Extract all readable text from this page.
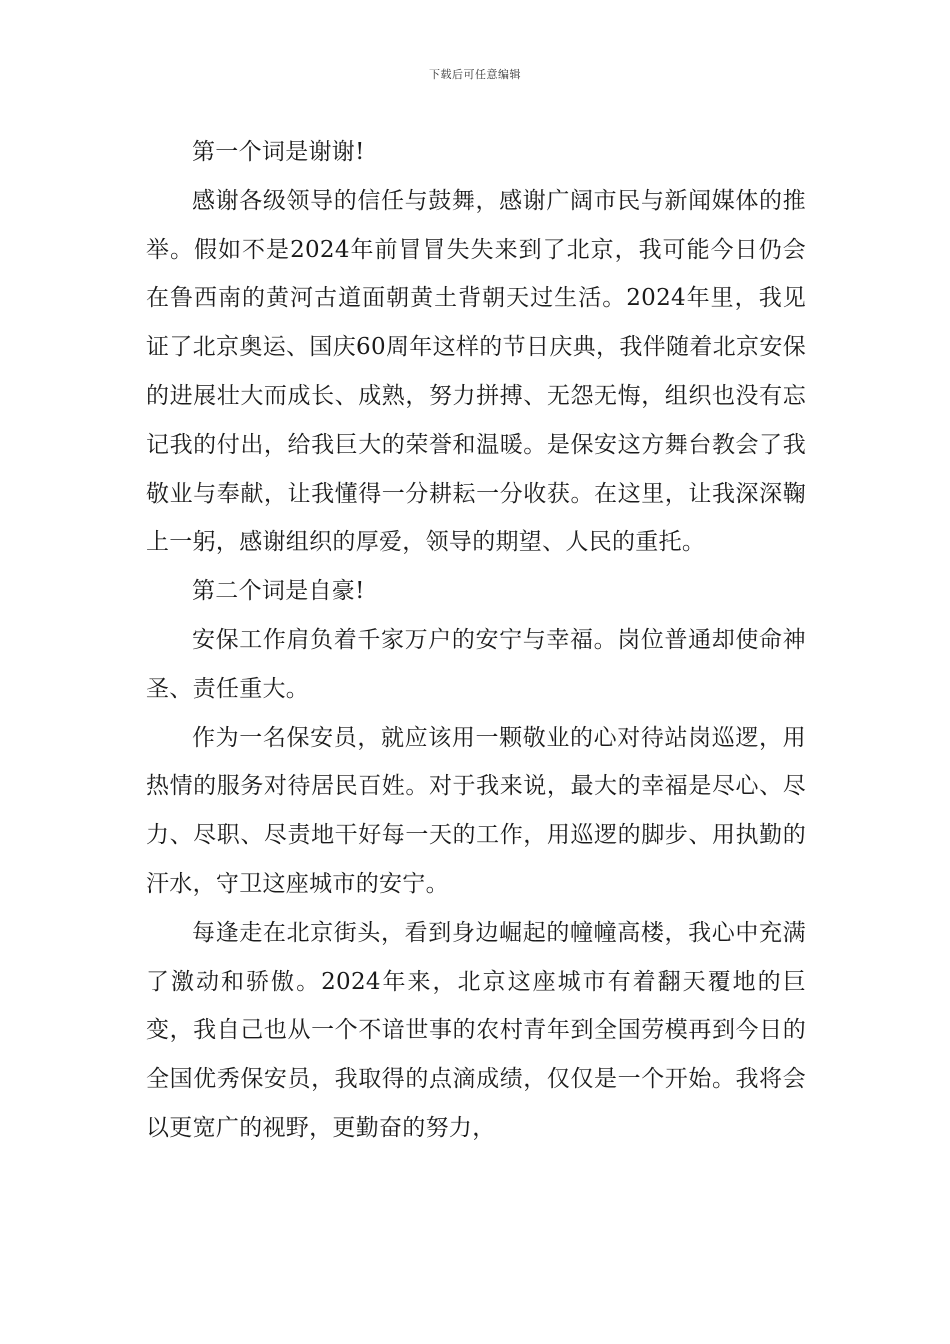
下载后可任意编辑

第一个词是谢谢!

感谢各级领导的信任与鼓舞，感谢广阔市民与新闻媒体的推举。假如不是2024年前冒冒失失来到了北京，我可能今日仍会在鲁西南的黄河古道面朝黄土背朝天过生活。2024年里，我见证了北京奥运、国庆60周年这样的节日庆典，我伴随着北京安保的进展壮大而成长、成熟，努力拼搏、无怨无悔，组织也没有忘记我的付出，给我巨大的荣誉和温暖。是保安这方舞台教会了我敬业与奉献，让我懂得一分耕耘一分收获。在这里，让我深深鞠上一躬，感谢组织的厚爱，领导的期望、人民的重托。

第二个词是自豪!

安保工作肩负着千家万户的安宁与幸福。岗位普通却使命神圣、责任重大。

作为一名保安员，就应该用一颗敬业的心对待站岗巡逻，用热情的服务对待居民百姓。对于我来说，最大的幸福是尽心、尽力、尽职、尽责地干好每一天的工作，用巡逻的脚步、用执勤的汗水，守卫这座城市的安宁。

每逢走在北京街头，看到身边崛起的幢幢高楼，我心中充满了激动和骄傲。2024年来，北京这座城市有着翻天覆地的巨变，我自己也从一个不谙世事的农村青年到全国劳模再到今日的全国优秀保安员，我取得的点滴成绩，仅仅是一个开始。我将会以更宽广的视野，更勤奋的努力，
